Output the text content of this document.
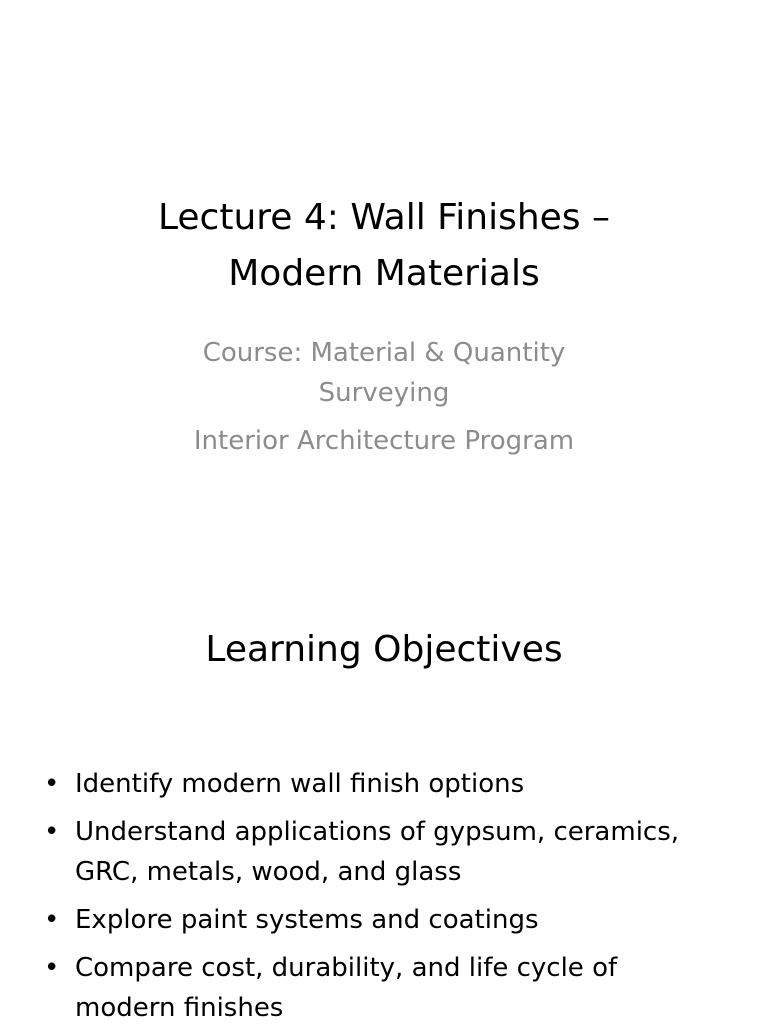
Lecture 4: Wall Finishes –
Modern Materials
Course: Material & Quantity
Surveying
Interior Architecture Program
Learning Objectives
• Identify modern wall finish options
• Understand applications of gypsum, ceramics,
GRC, metals, wood, and glass
• Explore paint systems and coatings
• Compare cost, durability, and life cycle of
modern finishes
